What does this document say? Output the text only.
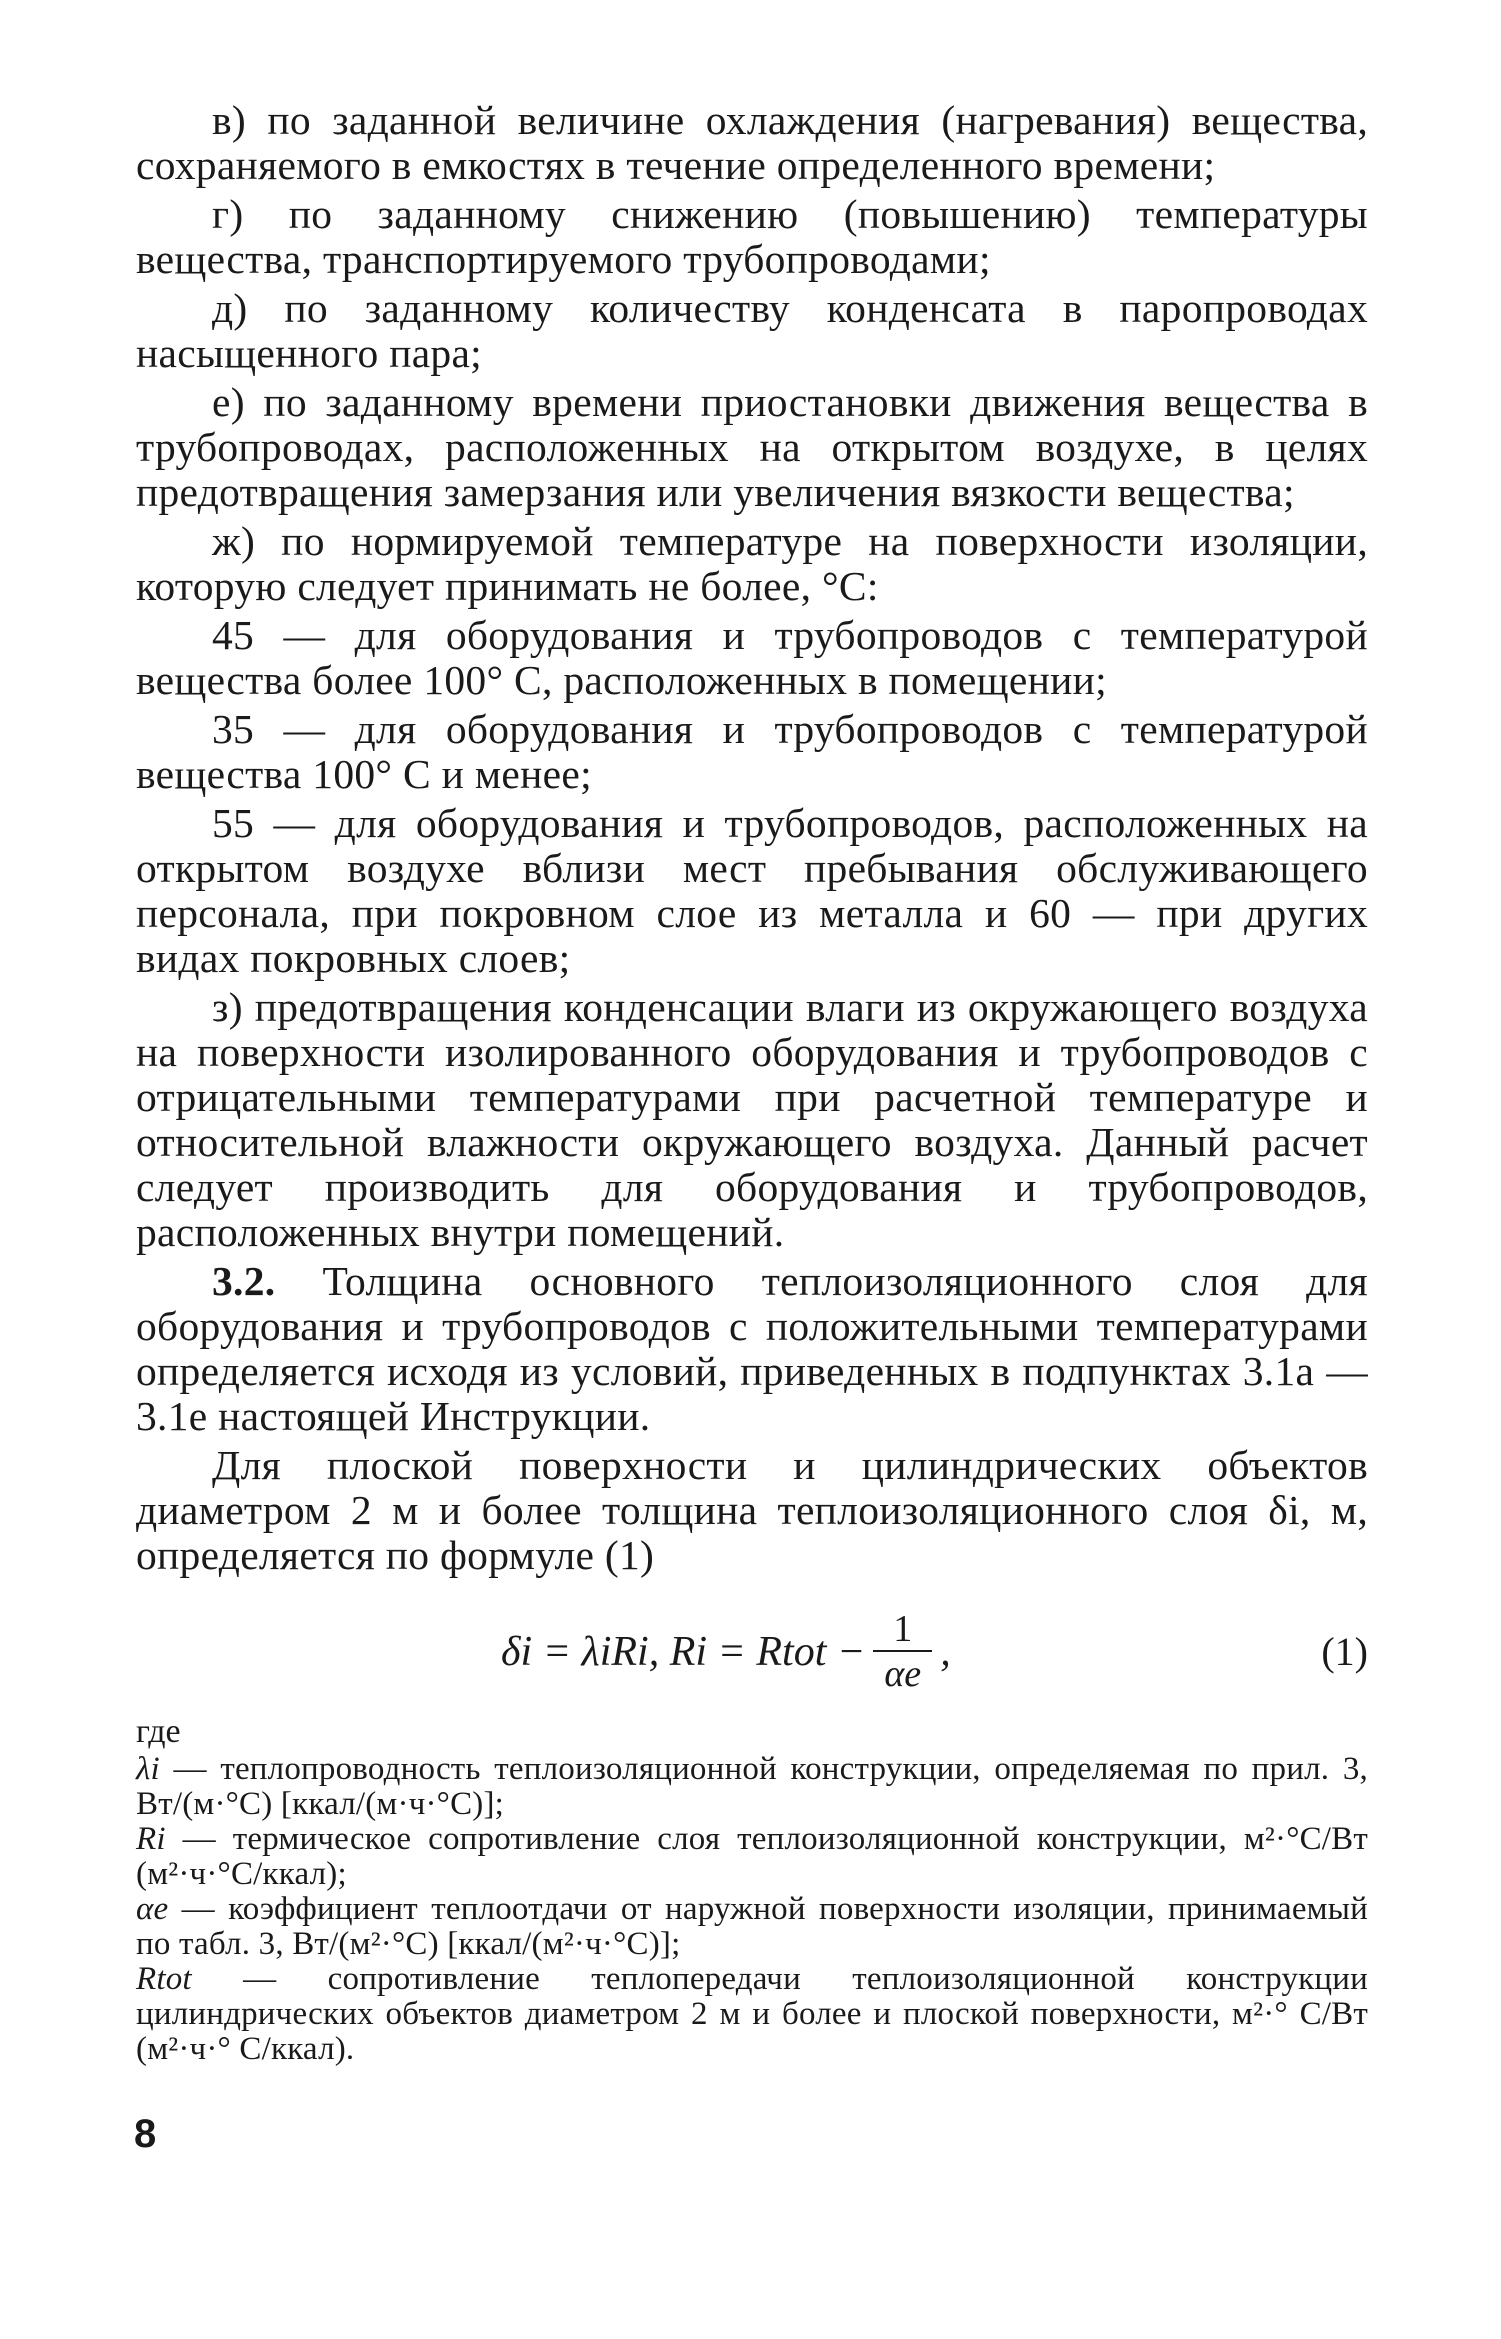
в) по заданной величине охлаждения (нагревания) вещества, сохраняемого в емкостях в течение определенного времени;

г) по заданному снижению (повышению) температуры вещества, транспортируемого трубопроводами;

д) по заданному количеству конденсата в паропроводах насыщенного пара;

е) по заданному времени приостановки движения вещества в трубопроводах, расположенных на открытом воздухе, в целях предотвращения замерзания или увеличения вязкости вещества;

ж) по нормируемой температуре на поверхности изоляции, которую следует принимать не более, °С:

45 — для оборудования и трубопроводов с температурой вещества более 100° С, расположенных в помещении;

35 — для оборудования и трубопроводов с температурой вещества 100° С и менее;

55 — для оборудования и трубопроводов, расположенных на открытом воздухе вблизи мест пребывания обслуживающего персонала, при покровном слое из металла и 60 — при других видах покровных слоев;

з) предотвращения конденсации влаги из окружающего воздуха на поверхности изолированного оборудования и трубопроводов с отрицательными температурами при расчетной температуре и относительной влажности окружающего воздуха. Данный расчет следует производить для оборудования и трубопроводов, расположенных внутри помещений.

3.2. Толщина основного теплоизоляционного слоя для оборудования и трубопроводов с положительными температурами определяется исходя из условий, приведенных в подпунктах 3.1а — 3.1е настоящей Инструкции.

Для плоской поверхности и цилиндрических объектов диаметром 2 м и более толщина теплоизоляционного слоя δi, м, определяется по формуле (1)

δi = λiRi, Ri = Rtot − $\frac{1}{\alpha e}$ ,	(1)

где

λi — теплопроводность теплоизоляционной конструкции, определяемая по прил. 3, Вт/(м·°С) [ккал/(м·ч·°С)];

Ri — термическое сопротивление слоя теплоизоляционной конструкции, м²·°С/Вт (м²·ч·°С/ккал);

αe — коэффициент теплоотдачи от наружной поверхности изоляции, принимаемый по табл. 3, Вт/(м²·°С) [ккал/(м²·ч·°С)];

Rtot — сопротивление теплопередачи теплоизоляционной конструкции цилиндрических объектов диаметром 2 м и более и плоской поверхности, м²·° С/Вт (м²·ч·° С/ккал).

8
